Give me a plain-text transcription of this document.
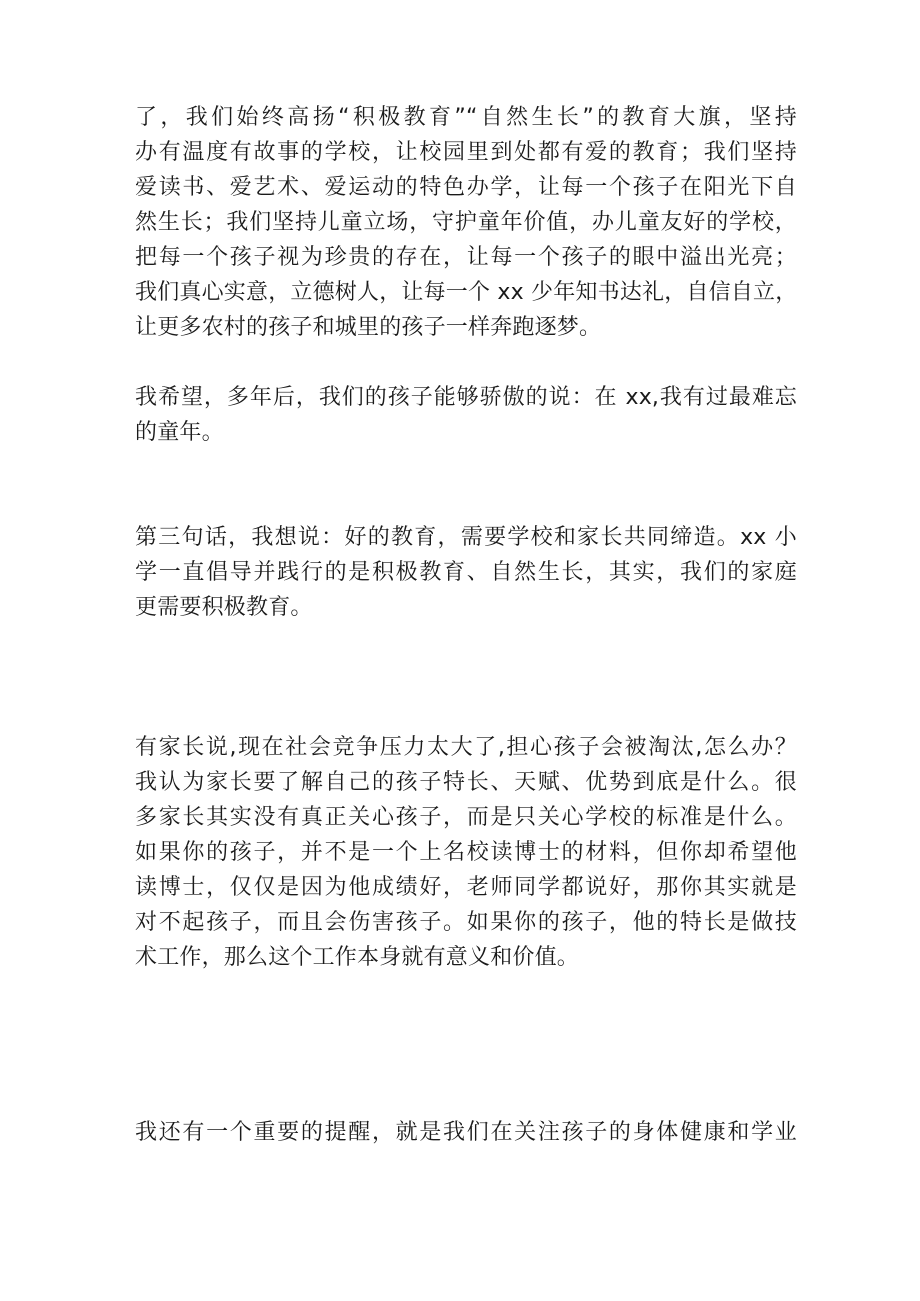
了，我们始终高扬“积极教育”“自然生长”的教育大旗，坚持
办有温度有故事的学校，让校园里到处都有爱的教育；我们坚持
爱读书、爱艺术、爱运动的特色办学，让每一个孩子在阳光下自
然生长；我们坚持儿童立场，守护童年价值，办儿童友好的学校，
把每一个孩子视为珍贵的存在，让每一个孩子的眼中溢出光亮；
我们真心实意，立德树人，让每一个 xx 少年知书达礼，自信自立，
让更多农村的孩子和城里的孩子一样奔跑逐梦。

我希望，多年后，我们的孩子能够骄傲的说：在 xx,我有过最难忘
的童年。

第三句话，我想说：好的教育，需要学校和家长共同缔造。xx 小
学一直倡导并践行的是积极教育、自然生长，其实，我们的家庭
更需要积极教育。

有家长说,现在社会竞争压力太大了,担心孩子会被淘汰,怎么办？
我认为家长要了解自己的孩子特长、天赋、优势到底是什么。很
多家长其实没有真正关心孩子，而是只关心学校的标准是什么。
如果你的孩子，并不是一个上名校读博士的材料，但你却希望他
读博士，仅仅是因为他成绩好，老师同学都说好，那你其实就是
对不起孩子，而且会伤害孩子。如果你的孩子，他的特长是做技
术工作，那么这个工作本身就有意义和价值。

我还有一个重要的提醒，就是我们在关注孩子的身体健康和学业
